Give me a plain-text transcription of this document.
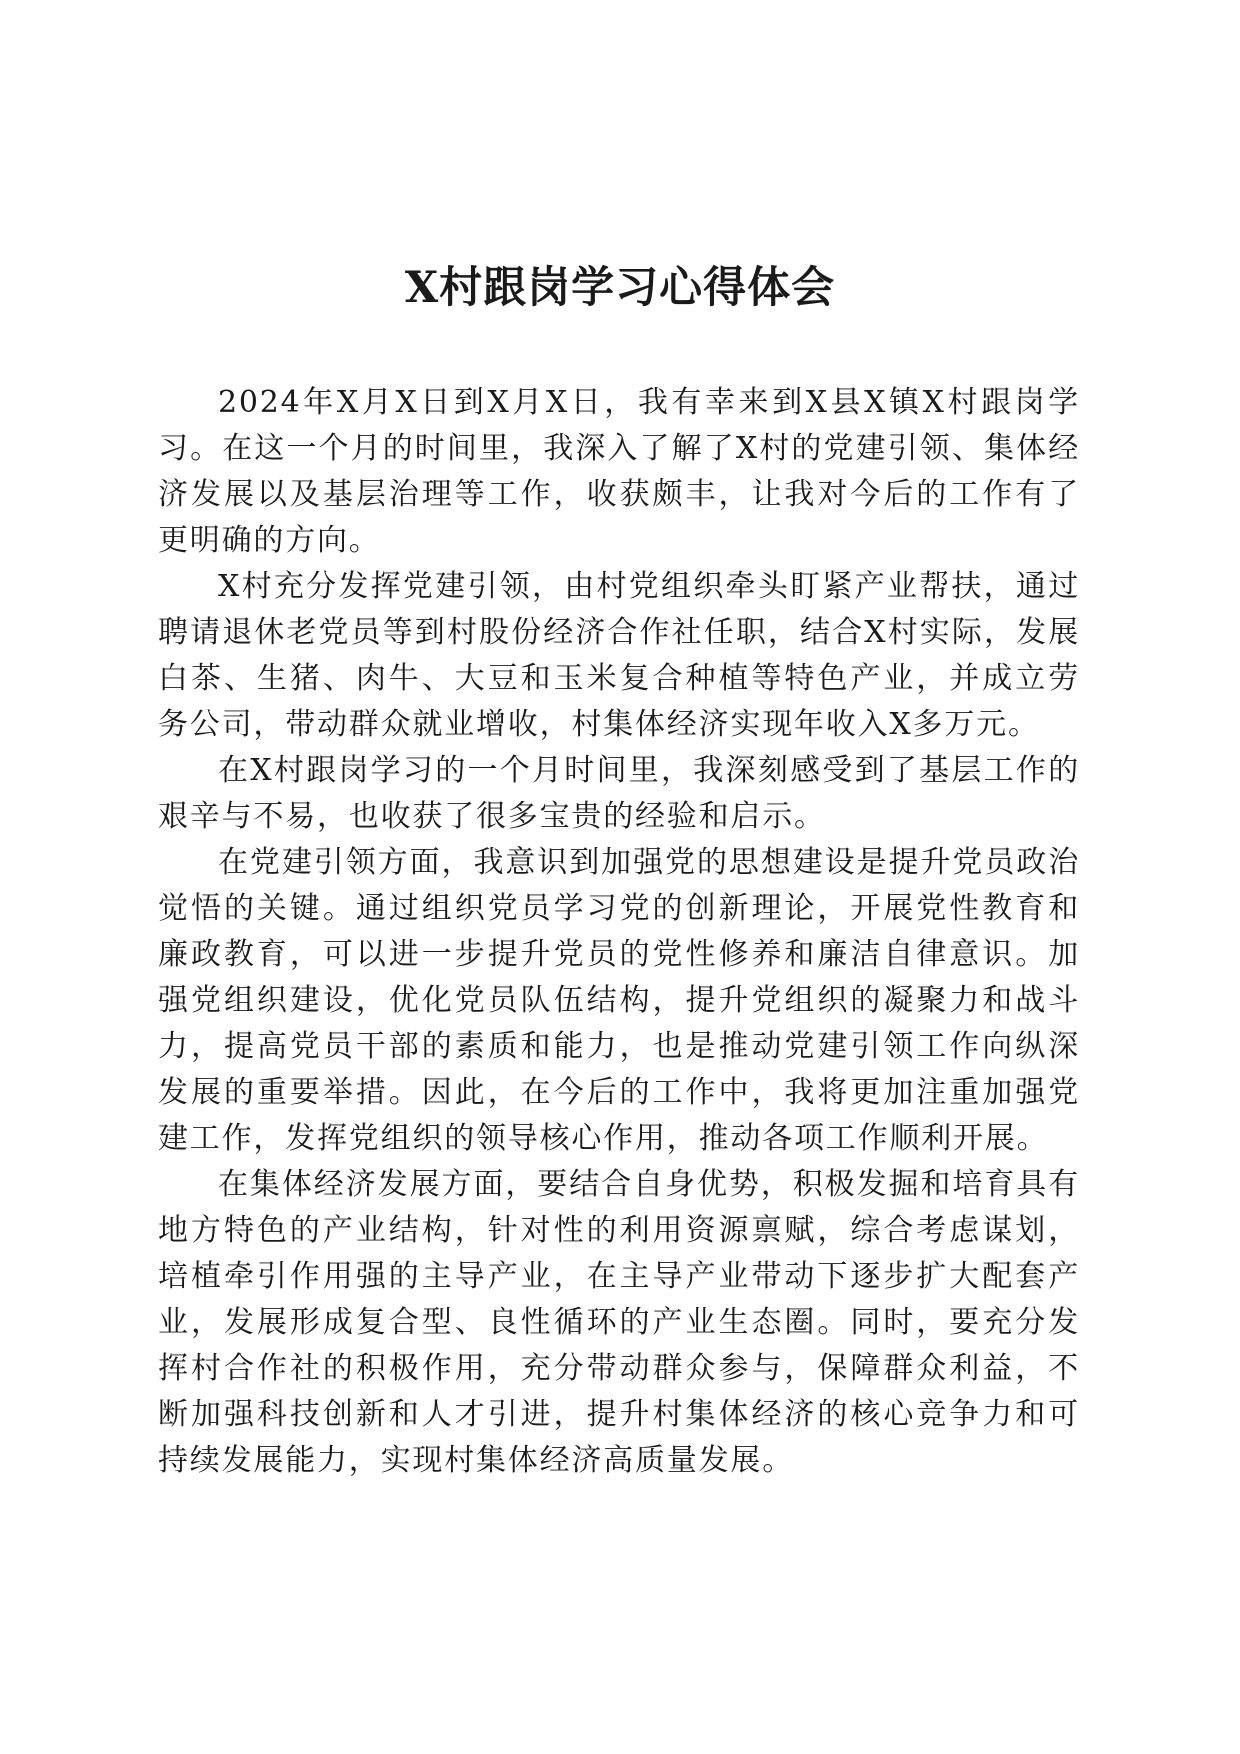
X村跟岗学习心得体会

2024年X月X日到X月X日，我有幸来到X县X镇X村跟岗学习。在这一个月的时间里，我深入了解了X村的党建引领、集体经济发展以及基层治理等工作，收获颇丰，让我对今后的工作有了更明确的方向。

X村充分发挥党建引领，由村党组织牵头盯紧产业帮扶，通过聘请退休老党员等到村股份经济合作社任职，结合X村实际，发展白茶、生猪、肉牛、大豆和玉米复合种植等特色产业，并成立劳务公司，带动群众就业增收，村集体经济实现年收入X多万元。

在X村跟岗学习的一个月时间里，我深刻感受到了基层工作的艰辛与不易，也收获了很多宝贵的经验和启示。

在党建引领方面，我意识到加强党的思想建设是提升党员政治觉悟的关键。通过组织党员学习党的创新理论，开展党性教育和廉政教育，可以进一步提升党员的党性修养和廉洁自律意识。加强党组织建设，优化党员队伍结构，提升党组织的凝聚力和战斗力，提高党员干部的素质和能力，也是推动党建引领工作向纵深发展的重要举措。因此，在今后的工作中，我将更加注重加强党建工作，发挥党组织的领导核心作用，推动各项工作顺利开展。

在集体经济发展方面，要结合自身优势，积极发掘和培育具有地方特色的产业结构，针对性的利用资源禀赋，综合考虑谋划，培植牵引作用强的主导产业，在主导产业带动下逐步扩大配套产业，发展形成复合型、良性循环的产业生态圈。同时，要充分发挥村合作社的积极作用，充分带动群众参与，保障群众利益，不断加强科技创新和人才引进，提升村集体经济的核心竞争力和可持续发展能力，实现村集体经济高质量发展。
